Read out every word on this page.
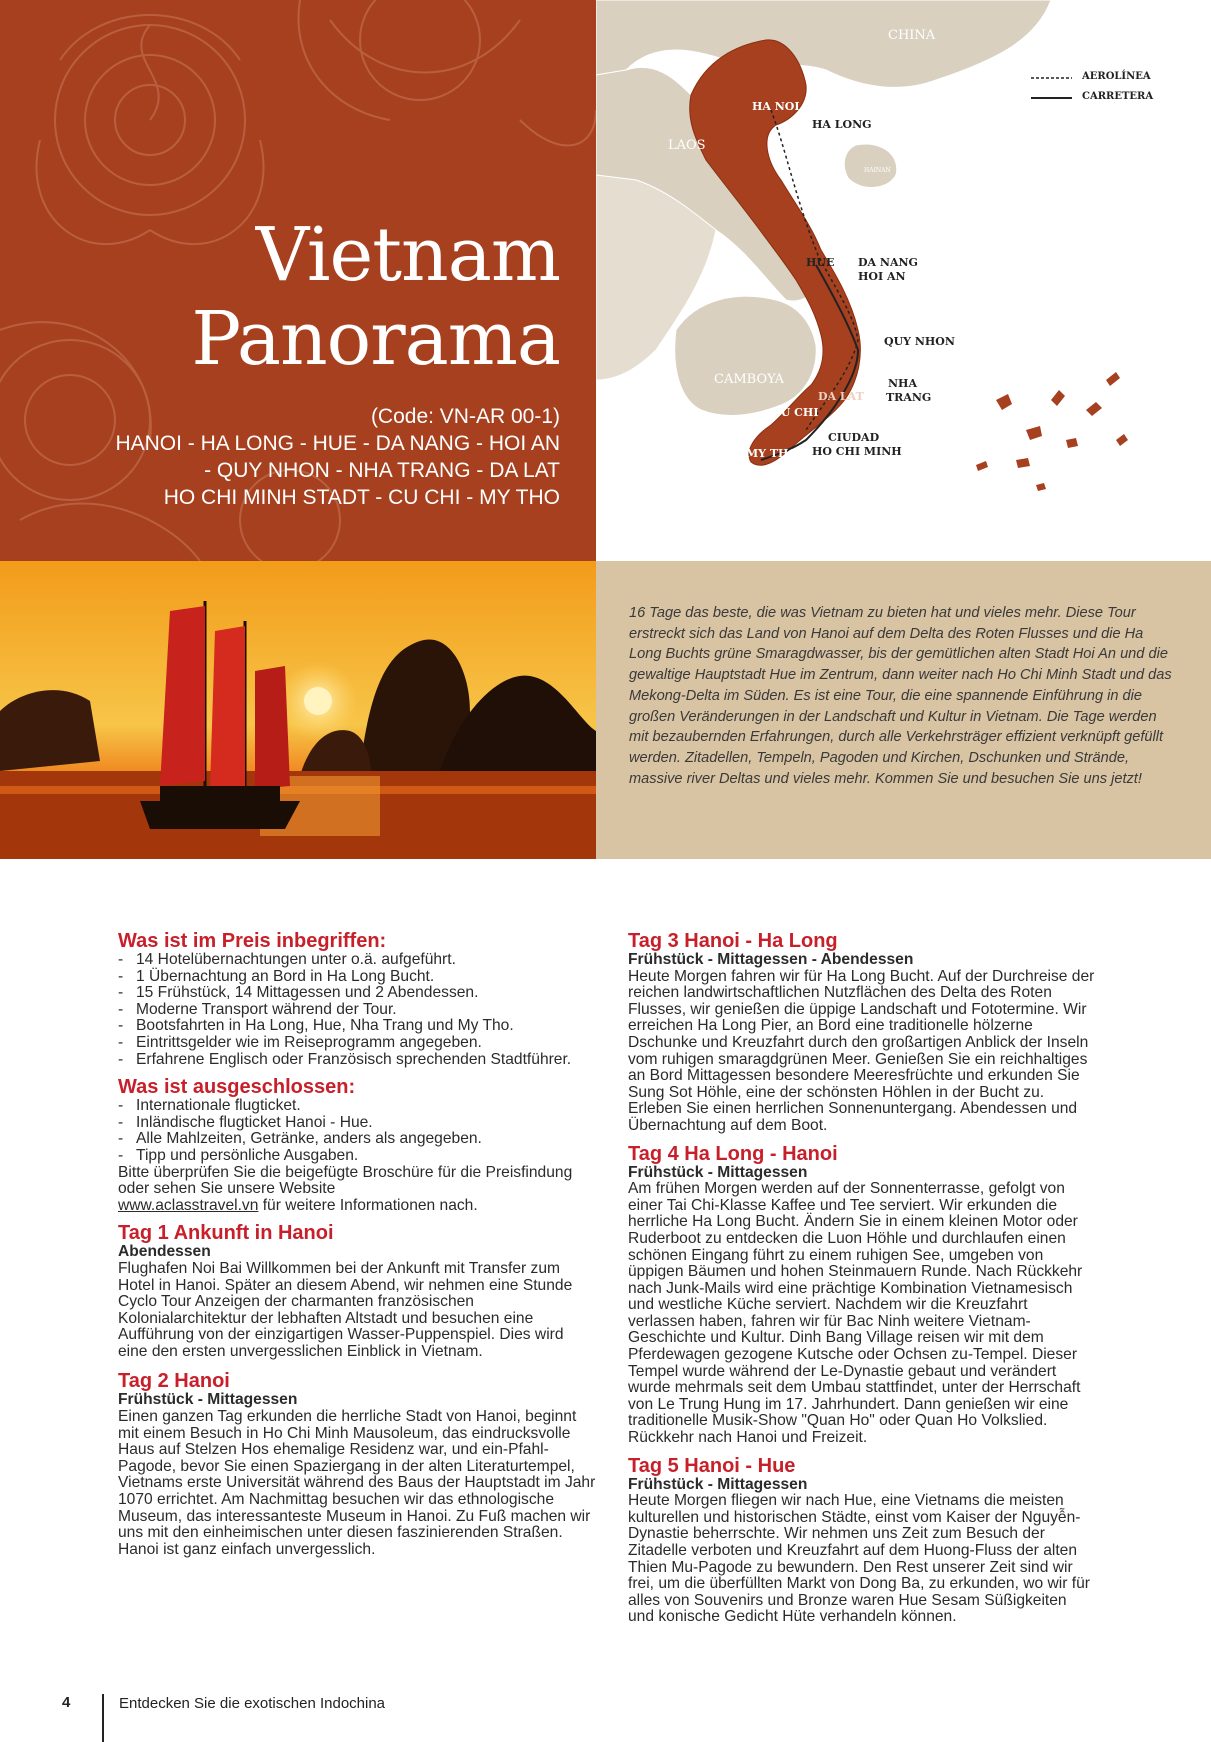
Vietnam
Panorama
(Code: VN-AR 00-1)
HANOI - HA LONG - HUE - DA NANG - HOI AN
- QUY NHON - NHA TRANG - DA LAT
HO CHI MINH STADT - CU CHI - MY THO
CHINA
LAOS
CAMBOYA
HAINAN
HA NOI
HA LONG
HUE DA NANG
HOI AN
QUY NHON
NHA
TRANG
DA LAT
CU CHI
CIUDAD
HO CHI MINH
MY THO
AEROLÍNEA
CARRETERA
16 Tage das beste, die was Vietnam zu bieten hat und vieles mehr. Diese Tour erstreckt sich das Land von Hanoi auf dem Delta des Roten Flusses und die Ha Long Buchts grüne Smaragdwasser, bis der gemütlichen alten Stadt Hoi An und die gewaltige Hauptstadt Hue im Zentrum, dann weiter nach Ho Chi Minh Stadt und das Mekong-Delta im Süden. Es ist eine Tour, die eine spannende Einführung in die großen Veränderungen in der Landschaft und Kultur in Vietnam. Die Tage werden mit bezaubernden Erfahrungen, durch alle Verkehrsträger effizient verknüpft gefüllt werden. Zitadellen, Tempeln, Pagoden und Kirchen, Dschunken und Strände, massive river Deltas und vieles mehr. Kommen Sie und besuchen Sie uns jetzt!
Was ist im Preis inbegriffen:
- 14 Hotelübernachtungen unter o.ä. aufgeführt.
- 1 Übernachtung an Bord in Ha Long Bucht.
- 15 Frühstück, 14 Mittagessen und 2 Abendessen.
- Moderne Transport während der Tour.
- Bootsfahrten in Ha Long, Hue, Nha Trang und My Tho.
- Eintrittsgelder wie im Reiseprogramm angegeben.
- Erfahrene Englisch oder Französisch sprechenden Stadtführer.
Was ist ausgeschlossen:
- Internationale flugticket.
- Inländische flugticket Hanoi - Hue.
- Alle Mahlzeiten, Getränke, anders als angegeben.
- Tipp und persönliche Ausgaben.

Bitte überprüfen Sie die beigefügte Broschüre für die Preisfindung oder sehen Sie unsere Website
www.aclasstravel.vn für weitere Informationen nach.

Tag 1 Ankunft in Hanoi

Abendessen

Flughafen Noi Bai Willkommen bei der Ankunft mit Transfer zum Hotel in Hanoi. Später an diesem Abend, wir nehmen eine Stunde Cyclo Tour Anzeigen der charmanten französischen Kolonialarchitektur der lebhaften Altstadt und besuchen eine Aufführung von der einzigartigen Wasser-Puppenspiel. Dies wird eine den ersten unvergesslichen Einblick in Vietnam.

Tag 2 Hanoi

Frühstück - Mittagessen

Einen ganzen Tag erkunden die herrliche Stadt von Hanoi, beginnt mit einem Besuch in Ho Chi Minh Mausoleum, das eindrucksvolle Haus auf Stelzen Hos ehemalige Residenz war, und ein-Pfahl-Pagode, bevor Sie einen Spaziergang in der alten Literaturtempel, Vietnams erste Universität während des Baus der Hauptstadt im Jahr 1070 errichtet. Am Nachmittag besuchen wir das ethnologische Museum, das interessanteste Museum in Hanoi. Zu Fuß machen wir uns mit den einheimischen unter diesen faszinierenden Straßen. Hanoi ist ganz einfach unvergesslich.

Tag 3 Hanoi - Ha Long

Frühstück - Mittagessen - Abendessen

Heute Morgen fahren wir für Ha Long Bucht. Auf der Durchreise der reichen landwirtschaftlichen Nutzflächen des Delta des Roten Flusses, wir genießen die üppige Landschaft und Fototermine. Wir erreichen Ha Long Pier, an Bord eine traditionelle hölzerne Dschunke und Kreuzfahrt durch den großartigen Anblick der Inseln vom ruhigen smaragdgrünen Meer. Genießen Sie ein reichhaltiges an Bord Mittagessen besondere Meeresfrüchte und erkunden Sie Sung Sot Höhle, eine der schönsten Höhlen in der Bucht zu. Erleben Sie einen herrlichen Sonnenuntergang. Abendessen und Übernachtung auf dem Boot.

Tag 4 Ha Long - Hanoi

Frühstück - Mittagessen

Am frühen Morgen werden auf der Sonnenterrasse, gefolgt von einer Tai Chi-Klasse Kaffee und Tee serviert. Wir erkunden die herrliche Ha Long Bucht. Ändern Sie in einem kleinen Motor oder Ruderboot zu entdecken die Luon Höhle und durchlaufen einen schönen Eingang führt zu einem ruhigen See, umgeben von üppigen Bäumen und hohen Steinmauern Runde. Nach Rückkehr nach Junk-Mails wird eine prächtige Kombination Vietnamesisch und westliche Küche serviert. Nachdem wir die Kreuzfahrt verlassen haben, fahren wir für Bac Ninh weitere Vietnam-Geschichte und Kultur. Dinh Bang Village reisen wir mit dem Pferdewagen gezogene Kutsche oder Ochsen zu-Tempel. Dieser Tempel wurde während der Le-Dynastie gebaut und verändert wurde mehrmals seit dem Umbau stattfindet, unter der Herrschaft von Le Trung Hung im 17. Jahrhundert. Dann genießen wir eine traditionelle Musik-Show "Quan Ho" oder Quan Ho Volkslied. Rückkehr nach Hanoi und Freizeit.

Tag 5 Hanoi - Hue

Frühstück - Mittagessen

Heute Morgen fliegen wir nach Hue, eine Vietnams die meisten kulturellen und historischen Städte, einst vom Kaiser der Nguyễn-Dynastie beherrschte. Wir nehmen uns Zeit zum Besuch der Zitadelle verboten und Kreuzfahrt auf dem Huong-Fluss der alten Thien Mu-Pagode zu bewundern. Den Rest unserer Zeit sind wir frei, um die überfüllten Markt von Dong Ba, zu erkunden, wo wir für alles von Souvenirs und Bronze waren Hue Sesam Süßigkeiten und konische Gedicht Hüte verhandeln können.

4	Entdecken Sie die exotischen Indochina
